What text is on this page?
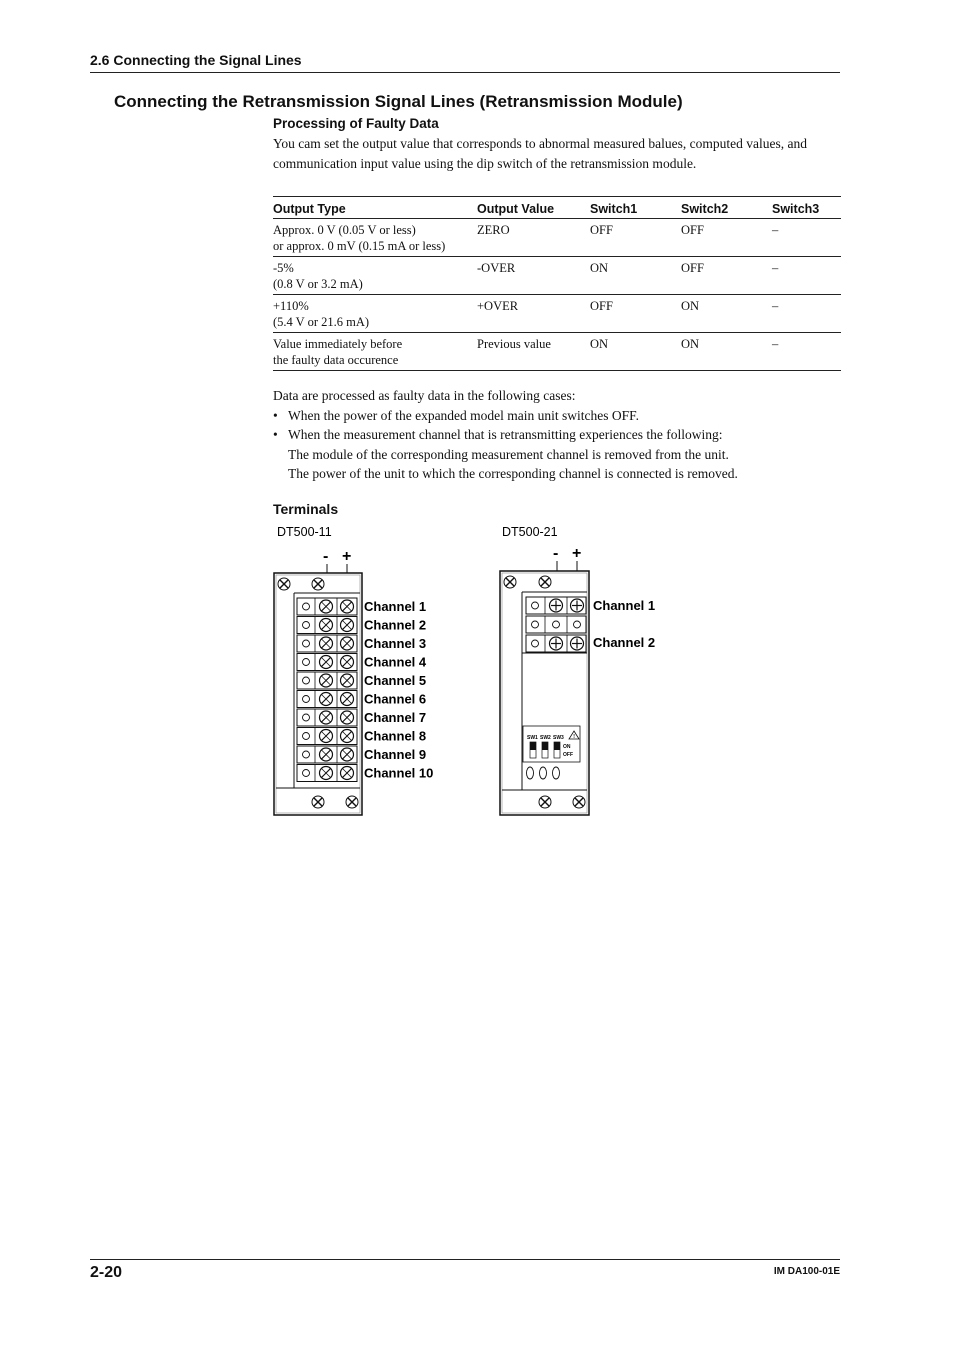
2.6 Connecting the Signal Lines
Connecting the Retransmission Signal Lines (Retransmission Module)
Processing of Faulty Data
You cam set the output value that corresponds to abnormal measured balues, computed values, and communication input value using the dip switch of the retransmission module.
Output Type	Output Value	Switch1	Switch2	Switch3
Approx. 0 V (0.05 V or less)
or approx. 0 mV (0.15 mA or less)	ZERO	OFF	OFF	–
-5%
(0.8 V or 3.2 mA)	-OVER	ON	OFF	–
+110%
(5.4 V or 21.6 mA)	+OVER	OFF	ON	–
Value immediately before
the faulty data occurence	Previous value	ON	ON	–
Data are processed as faulty data in the following cases:
• When the power of the expanded model main unit switches OFF.
• When the measurement channel that is retransmitting experiences the following:
The module of the corresponding measurement channel is removed from the unit.
The power of the unit to which the corresponding channel is connected is removed.
Terminals
DT500-11
- +
Channel 1
Channel 2
Channel 3
Channel 4
Channel 5
Channel 6
Channel 7
Channel 8
Channel 9
Channel 10
DT500-21
- +
Channel 1
Channel 2
SW1 SW2 SW3 !
ON
OFF
2-20	IM DA100-01E
